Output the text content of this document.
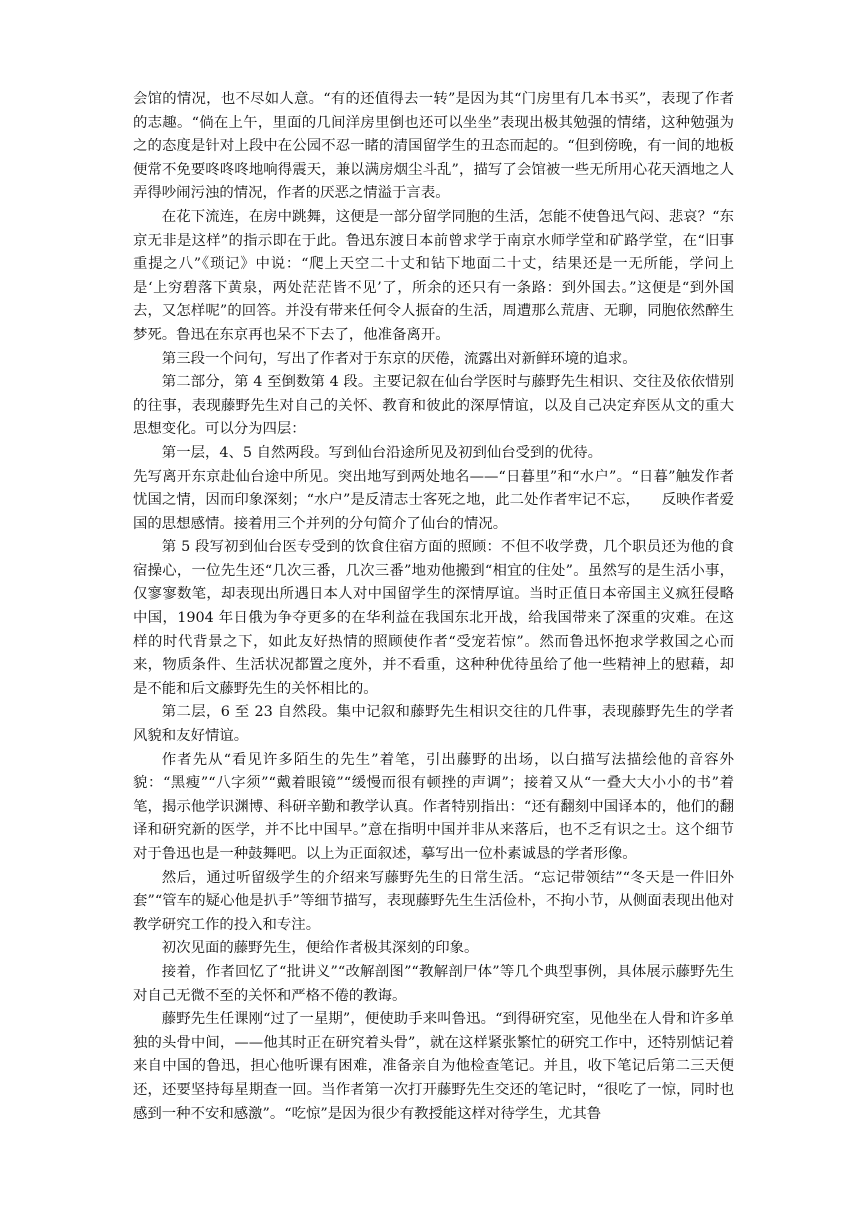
会馆的情况，也不尽如人意。“有的还值得去一转”是因为其“门房里有几本书买”，表现了作者的志趣。“倘在上午，里面的几间洋房里倒也还可以坐坐”表现出极其勉强的情绪，这种勉强为之的态度是针对上段中在公园不忍一睹的清国留学生的丑态而起的。“但到傍晚，有一间的地板便常不免要咚咚咚地响得震天，兼以满房烟尘斗乱”，描写了会馆被一些无所用心花天酒地之人弄得吵闹污浊的情况，作者的厌恶之情溢于言表。

在花下流连，在房中跳舞，这便是一部分留学同胞的生活，怎能不使鲁迅气闷、悲哀？“东京无非是这样”的指示即在于此。鲁迅东渡日本前曾求学于南京水师学堂和矿路学堂，在“旧事重提之八”《琐记》中说：“爬上天空二十丈和钻下地面二十丈，结果还是一无所能，学问上是‘上穷碧落下黄泉，两处茫茫皆不见’了，所余的还只有一条路：到外国去。”这便是“到外国去，又怎样呢”的回答。并没有带来任何令人振奋的生活，周遭那么荒唐、无聊，同胞依然醉生梦死。鲁迅在东京再也呆不下去了，他准备离开。

第三段一个问句，写出了作者对于东京的厌倦，流露出对新鲜环境的追求。

第二部分，第 4 至倒数第 4 段。主要记叙在仙台学医时与藤野先生相识、交往及依依惜别的往事，表现藤野先生对自己的关怀、教育和彼此的深厚情谊，以及自己决定弃医从文的重大思想变化。可以分为四层：

第一层，4、5 自然两段。写到仙台沿途所见及初到仙台受到的优待。

先写离开东京赴仙台途中所见。突出地写到两处地名——“日暮里”和“水户”。“日暮”触发作者忧国之情，因而印象深刻；“水户”是反清志士客死之地，此二处作者牢记不忘，　　反映作者爱国的思想感情。接着用三个并列的分句简介了仙台的情况。

第 5 段写初到仙台医专受到的饮食住宿方面的照顾：不但不收学费，几个职员还为他的食宿操心，一位先生还“几次三番，几次三番”地劝他搬到“相宜的住处”。虽然写的是生活小事，仅寥寥数笔，却表现出所遇日本人对中国留学生的深情厚谊。当时正值日本帝国主义疯狂侵略中国，1904 年日俄为争夺更多的在华利益在我国东北开战，给我国带来了深重的灾难。在这样的时代背景之下，如此友好热情的照顾使作者“受宠若惊”。然而鲁迅怀抱求学救国之心而来，物质条件、生活状况都置之度外，并不看重，这种种优待虽给了他一些精神上的慰藉，却是不能和后文藤野先生的关怀相比的。

第二层，6 至 23 自然段。集中记叙和藤野先生相识交往的几件事，表现藤野先生的学者风貌和友好情谊。

作者先从“看见许多陌生的先生”着笔，引出藤野的出场，以白描写法描绘他的音容外貌：“黑瘦”“八字须”“戴着眼镜”“缓慢而很有顿挫的声调”；接着又从“一叠大大小小的书”着笔，揭示他学识渊博、科研辛勤和教学认真。作者特别指出：“还有翻刻中国译本的，他们的翻译和研究新的医学，并不比中国早。”意在指明中国并非从来落后，也不乏有识之士。这个细节对于鲁迅也是一种鼓舞吧。以上为正面叙述，摹写出一位朴素诚恳的学者形像。

然后，通过听留级学生的介绍来写藤野先生的日常生活。“忘记带领结”“冬天是一件旧外套”“管车的疑心他是扒手”等细节描写，表现藤野先生生活俭朴，不拘小节，从侧面表现出他对教学研究工作的投入和专注。

初次见面的藤野先生，便给作者极其深刻的印象。

接着，作者回忆了“批讲义”“改解剖图”“教解剖尸体”等几个典型事例，具体展示藤野先生对自己无微不至的关怀和严格不倦的教诲。

藤野先生任课刚“过了一星期”，便使助手来叫鲁迅。“到得研究室，见他坐在人骨和许多单独的头骨中间，——他其时正在研究着头骨”，就在这样紧张繁忙的研究工作中，还特别惦记着来自中国的鲁迅，担心他听课有困难，准备亲自为他检查笔记。并且，收下笔记后第二三天便还，还要坚持每星期查一回。当作者第一次打开藤野先生交还的笔记时，“很吃了一惊，同时也感到一种不安和感激”。“吃惊”是因为很少有教授能这样对待学生，尤其鲁
